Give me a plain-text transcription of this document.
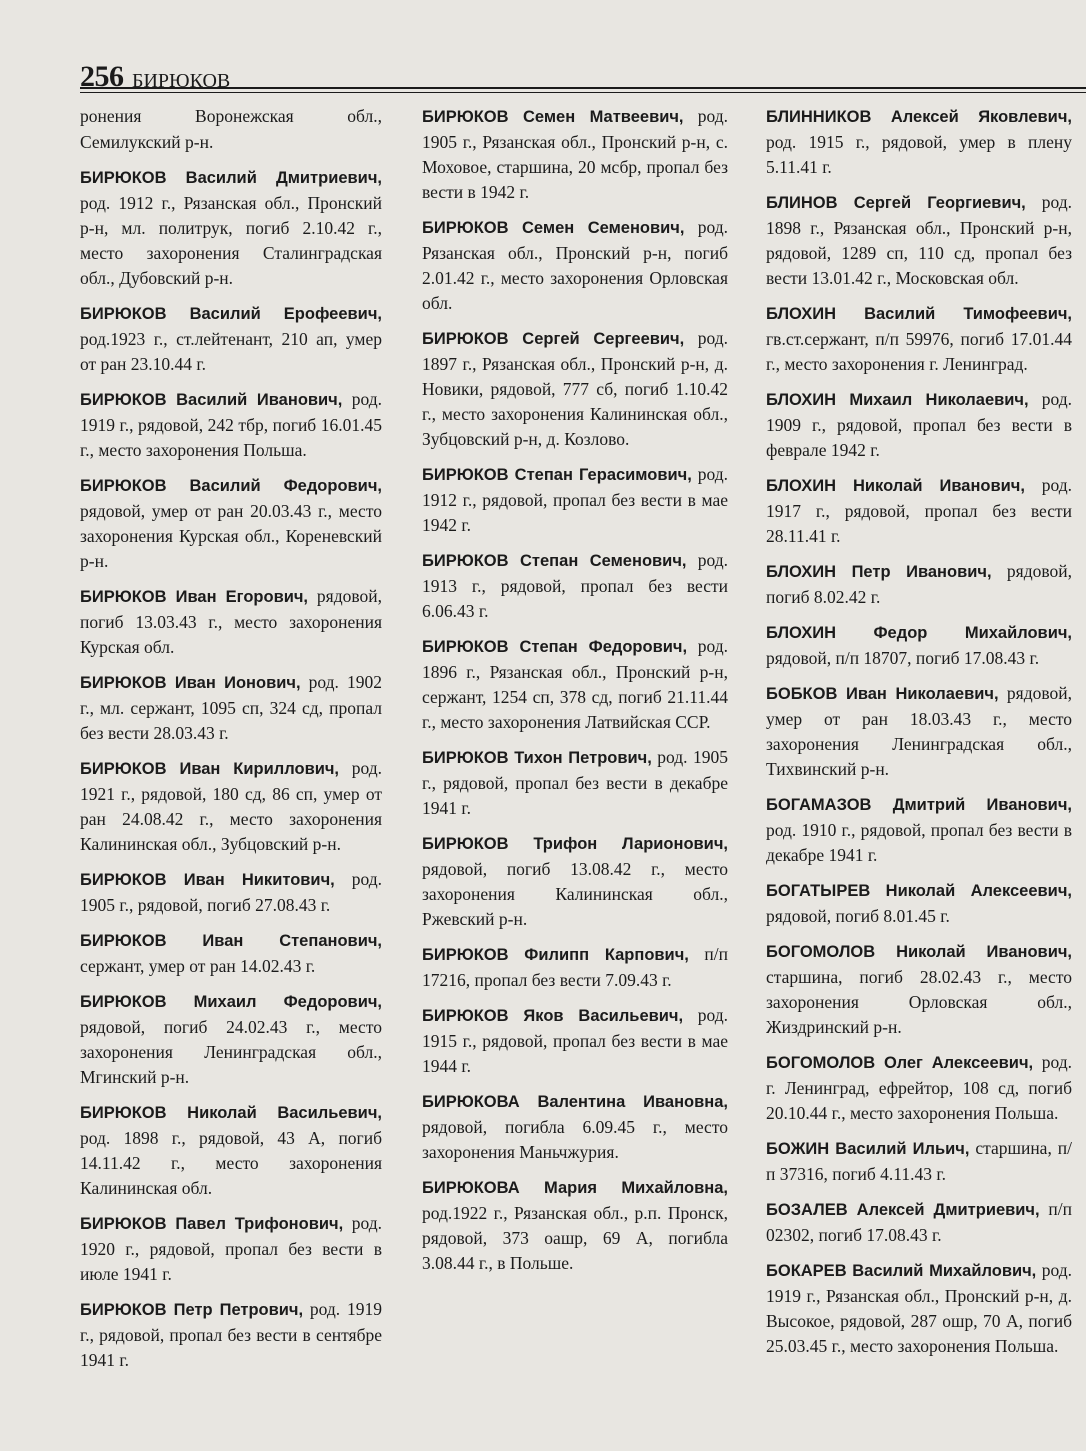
256 БИРЮКОВ

ронения Воронежская обл., Семилукский р-н.

БИРЮКОВ Василий Дмитриевич, род. 1912 г., Рязанская обл., Пронский р-н, мл. политрук, погиб 2.10.42 г., место захоронения Сталинградская обл., Дубовский р-н.

БИРЮКОВ Василий Ерофеевич, род.1923 г., ст.лейтенант, 210 ап, умер от ран 23.10.44 г.

БИРЮКОВ Василий Иванович, род. 1919 г., рядовой, 242 тбр, погиб 16.01.45 г., место захоронения Польша.

БИРЮКОВ Василий Федорович, рядовой, умер от ран 20.03.43 г., место захоронения Курская обл., Кореневский р-н.

БИРЮКОВ Иван Егорович, рядовой, погиб 13.03.43 г., место захоронения Курская обл.

БИРЮКОВ Иван Ионович, род. 1902 г., мл. сержант, 1095 сп, 324 сд, пропал без вести 28.03.43 г.

БИРЮКОВ Иван Кириллович, род. 1921 г., рядовой, 180 сд, 86 сп, умер от ран 24.08.42 г., место захоронения Калининская обл., Зубцовский р-н.

БИРЮКОВ Иван Никитович, род. 1905 г., рядовой, погиб 27.08.43 г.

БИРЮКОВ Иван Степанович, сержант, умер от ран 14.02.43 г.

БИРЮКОВ Михаил Федорович, рядовой, погиб 24.02.43 г., место захоронения Ленинградская обл., Мгинский р-н.

БИРЮКОВ Николай Васильевич, род. 1898 г., рядовой, 43 А, погиб 14.11.42 г., место захоронения Калининская обл.

БИРЮКОВ Павел Трифонович, род. 1920 г., рядовой, пропал без вести в июле 1941 г.

БИРЮКОВ Петр Петрович, род. 1919 г., рядовой, пропал без вести в сентябре 1941 г.

БИРЮКОВ Семен Матвеевич, род. 1905 г., Рязанская обл., Пронский р-н, с. Моховое, старшина, 20 мсбр, пропал без вести в 1942 г.

БИРЮКОВ Семен Семенович, род. Рязанская обл., Пронский р-н, погиб 2.01.42 г., место захоронения Орловская обл.

БИРЮКОВ Сергей Сергеевич, род. 1897 г., Рязанская обл., Пронский р-н, д. Новики, рядовой, 777 сб, погиб 1.10.42 г., место захоронения Калининская обл., Зубцовский р-н, д. Козлово.

БИРЮКОВ Степан Герасимович, род. 1912 г., рядовой, пропал без вести в мае 1942 г.

БИРЮКОВ Степан Семенович, род. 1913 г., рядовой, пропал без вести 6.06.43 г.

БИРЮКОВ Степан Федорович, род. 1896 г., Рязанская обл., Пронский р-н, сержант, 1254 сп, 378 сд, погиб 21.11.44 г., место захоронения Латвийская ССР.

БИРЮКОВ Тихон Петрович, род. 1905 г., рядовой, пропал без вести в декабре 1941 г.

БИРЮКОВ Трифон Ларионович, рядовой, погиб 13.08.42 г., место захоронения Калининская обл., Ржевский р-н.

БИРЮКОВ Филипп Карпович, п/п 17216, пропал без вести 7.09.43 г.

БИРЮКОВ Яков Васильевич, род. 1915 г., рядовой, пропал без вести в мае 1944 г.

БИРЮКОВА Валентина Ивановна, рядовой, погибла 6.09.45 г., место захоронения Маньчжурия.

БИРЮКОВА Мария Михайловна, род.1922 г., Рязанская обл., р.п. Пронск, рядовой, 373 оашр, 69 А, погибла 3.08.44 г., в Польше.

БЛИННИКОВ Алексей Яковлевич, род. 1915 г., рядовой, умер в плену 5.11.41 г.

БЛИНОВ Сергей Георгиевич, род. 1898 г., Рязанская обл., Пронский р-н, рядовой, 1289 сп, 110 сд, пропал без вести 13.01.42 г., Московская обл.

БЛОХИН Василий Тимофеевич, гв.ст.сержант, п/п 59976, погиб 17.01.44 г., место захоронения г. Ленинград.

БЛОХИН Михаил Николаевич, род. 1909 г., рядовой, пропал без вести в феврале 1942 г.

БЛОХИН Николай Иванович, род. 1917 г., рядовой, пропал без вести 28.11.41 г.

БЛОХИН Петр Иванович, рядовой, погиб 8.02.42 г.

БЛОХИН Федор Михайлович, рядовой, п/п 18707, погиб 17.08.43 г.

БОБКОВ Иван Николаевич, рядовой, умер от ран 18.03.43 г., место захоронения Ленинградская обл., Тихвинский р-н.

БОГАМАЗОВ Дмитрий Иванович, род. 1910 г., рядовой, пропал без вести в декабре 1941 г.

БОГАТЫРЕВ Николай Алексеевич, рядовой, погиб 8.01.45 г.

БОГОМОЛОВ Николай Иванович, старшина, погиб 28.02.43 г., место захоронения Орловская обл., Жиздринский р-н.

БОГОМОЛОВ Олег Алексеевич, род. г. Ленинград, ефрейтор, 108 сд, погиб 20.10.44 г., место захоронения Польша.

БОЖИН Василий Ильич, старшина, п/п 37316, погиб 4.11.43 г.

БОЗАЛЕВ Алексей Дмитриевич, п/п 02302, погиб 17.08.43 г.

БОКАРЕВ Василий Михайлович, род. 1919 г., Рязанская обл., Пронский р-н, д. Высокое, рядовой, 287 ошр, 70 А, погиб 25.03.45 г., место захоронения Польша.
